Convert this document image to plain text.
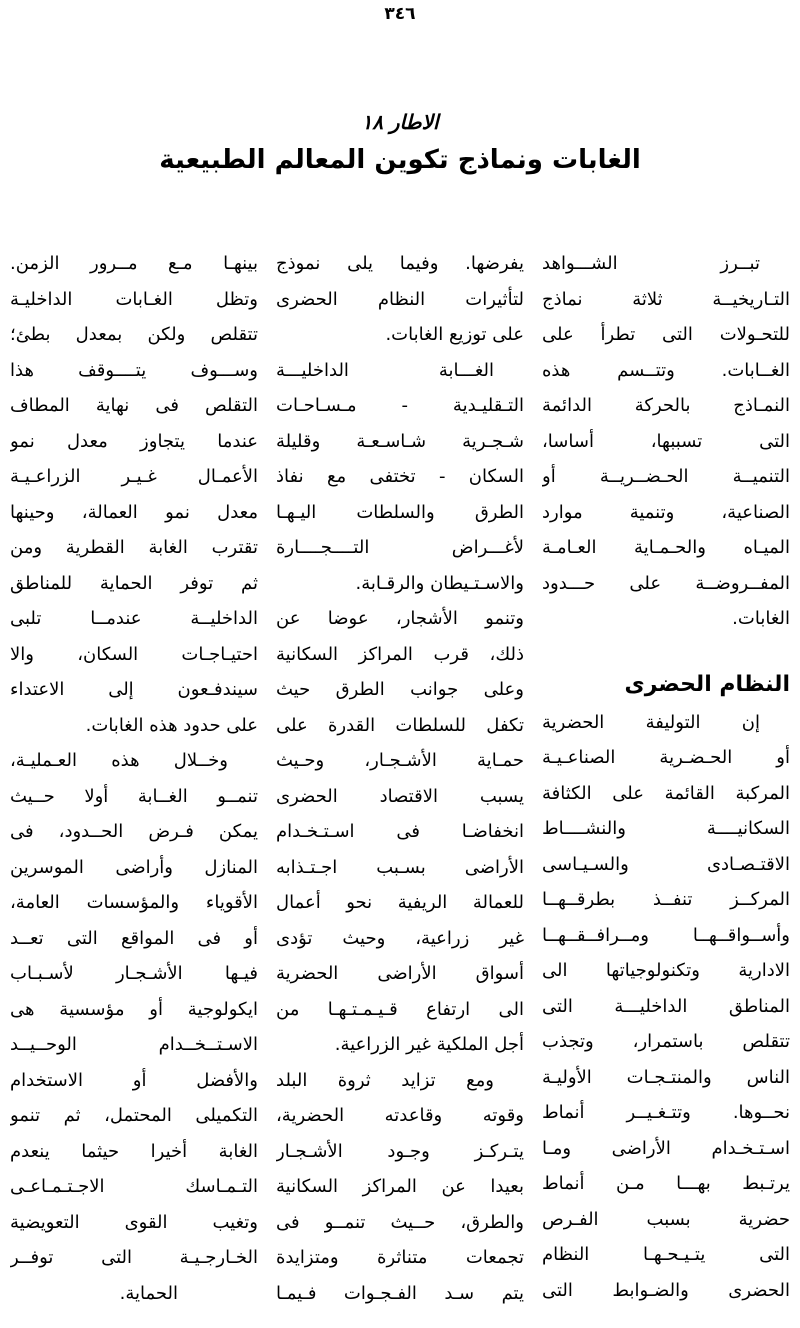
٣٤٦
الاطار ١٨
الغابات ونماذج تكوين المعالم الطبيعية
تبــرز الشـــواهد
التـاريخيــة ثلاثة نماذج
للتحـولات التى تطرأ على
الغــابات. وتتــسم هذه
النمـاذج بالحركة الدائمة
التى تسببها، أساسا،
التنميــة الحـضــريــة أو
الصناعية، وتنمية موارد
الميـاه والحـمـاية العـامـة
المفــروضــة على حـــدود
الغابات.
النظام الحضرى
إن التوليفة الحضرية
أو الحـضـرية الصناعـيـة
المركبة القائمة على الكثافة
السكانيــــة والنشــــاط
الاقتـصـادى والسـيـاسى
المركــز تنفــذ بطرقــهــا
وأســواقــهــا ومــرافــقــهــا
الادارية وتكنولوجياتها الى
المناطق الداخليـــة التى
تتقلص باستمرار، وتجذب
الناس والمنتـجـات الأوليـة
نحــوها. وتتـغـيــر أنماط
اسـتـخـدام الأراضى ومـا
يرتـبط بهـــا مـن أنماط
حضرية بسبب الفـرص
التى يتـيـحـهـا النظام
الحضرى والضـوابط التى
يفرضها. وفيما يلى نموذج
لتأثيرات النظام الحضرى
على توزيع الغابات.
الغـــابة الداخليـــة
التـقليـدية - مـسـاحـات
شـجـرية شـاسـعـة وقليلة
السكان - تختفى مع نفاذ
الطرق والسلطات اليـهـا
لأغـــراض التــــجــــارة
والاسـتـيطان والرقـابة.
وتنمو الأشجار، عوضا عن
ذلك، قرب المراكز السكانية
وعلى جوانب الطرق حيث
تكفل للسلطات القدرة على
حمـاية الأشـجـار، وحـيث
يسبب الاقتصاد الحضرى
انخفاضـا فى اسـتـخـدام
الأراضى بسـبب اجـتـذابه
للعمالة الريفية نحو أعمال
غير زراعية، وحيث تؤدى
أسواق الأراضى الحضرية
الى ارتفاع قـيـمـتـهـا من
أجل الملكية غير الزراعية.
ومع تزايد ثروة البلد
وقوته وقاعدته الحضرية،
يتـركـز وجـود الأشـجـار
بعيدا عن المراكز السكانية
والطرق، حــيث تنمــو فى
تجمعات متناثرة ومتزايدة
يتم سـد الفـجـوات فـيمـا
بينهـا مـع مــرور الزمن.
وتظل الغـابات الداخليـة
تتقلص ولكن بمعدل بطئ؛
وســـوف يتــــوقف هذا
التقلص فى نهاية المطاف
عندما يتجاوز معدل نمو
الأعمـال غـيـر الزراعـيـة
معدل نمو العمالة، وحينها
تقترب الغابة القطرية ومن
ثم توفر الحماية للمناطق
الداخليــة عندمــا تلبى
احتيـاجـات السكان، والا
سيندفـعون إلى الاعتداء
على حدود هذه الغابات.
وخــلال هذه العـمليـة،
تنمــو الغــابة أولا حــيث
يمكن فـرض الحــدود، فى
المنازل وأراضى الموسرين
الأقوياء والمؤسسات العامة،
أو فى المواقع التى تعــد
فيـها الأشـجـار لأسـبـاب
ايكولوجية أو مؤسسية هى
الاسـتــخــدام الوحــيــد
والأفضل أو الاستخدام
التكميلى المحتمل، ثم تنمو
الغابة أخيرا حيثما ينعدم
التـمـاسك الاجـتـمـاعـى
وتغيب القوى التعويضية
الخـارجـيـة التى توفــر
الحماية.
